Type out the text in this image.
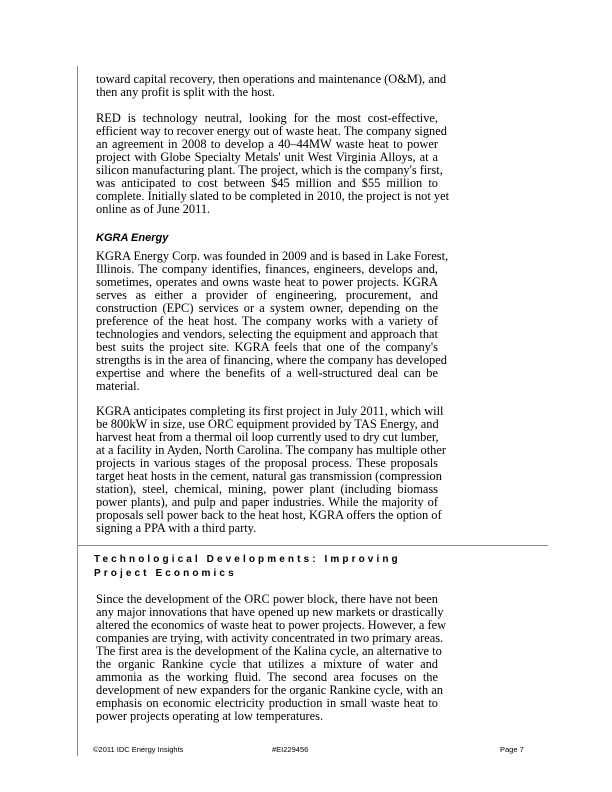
toward capital recovery, then operations and maintenance (O&M), and
then any profit is split with the host.
RED is technology neutral, looking for the most cost-effective,
efficient way to recover energy out of waste heat. The company signed
an agreement in 2008 to develop a 40–44MW waste heat to power
project with Globe Specialty Metals' unit West Virginia Alloys, at a
silicon manufacturing plant. The project, which is the company's first,
was anticipated to cost between $45 million and $55 million to
complete. Initially slated to be completed in 2010, the project is not yet
online as of June 2011.
KGRA Energy
KGRA Energy Corp. was founded in 2009 and is based in Lake Forest,
Illinois. The company identifies, finances, engineers, develops and,
sometimes, operates and owns waste heat to power projects. KGRA
serves as either a provider of engineering, procurement, and
construction (EPC) services or a system owner, depending on the
preference of the heat host. The company works with a variety of
technologies and vendors, selecting the equipment and approach that
best suits the project site. KGRA feels that one of the company's
strengths is in the area of financing, where the company has developed
expertise and where the benefits of a well-structured deal can be
material.
KGRA anticipates completing its first project in July 2011, which will
be 800kW in size, use ORC equipment provided by TAS Energy, and
harvest heat from a thermal oil loop currently used to dry cut lumber,
at a facility in Ayden, North Carolina. The company has multiple other
projects in various stages of the proposal process. These proposals
target heat hosts in the cement, natural gas transmission (compression
station), steel, chemical, mining, power plant (including biomass
power plants), and pulp and paper industries. While the majority of
proposals sell power back to the heat host, KGRA offers the option of
signing a PPA with a third party.
Technological Developments: Improving
Project Economics
Since the development of the ORC power block, there have not been
any major innovations that have opened up new markets or drastically
altered the economics of waste heat to power projects. However, a few
companies are trying, with activity concentrated in two primary areas.
The first area is the development of the Kalina cycle, an alternative to
the organic Rankine cycle that utilizes a mixture of water and
ammonia as the working fluid. The second area focuses on the
development of new expanders for the organic Rankine cycle, with an
emphasis on economic electricity production in small waste heat to
power projects operating at low temperatures.
©2011 IDC Energy Insights	#EI229456	Page 7
